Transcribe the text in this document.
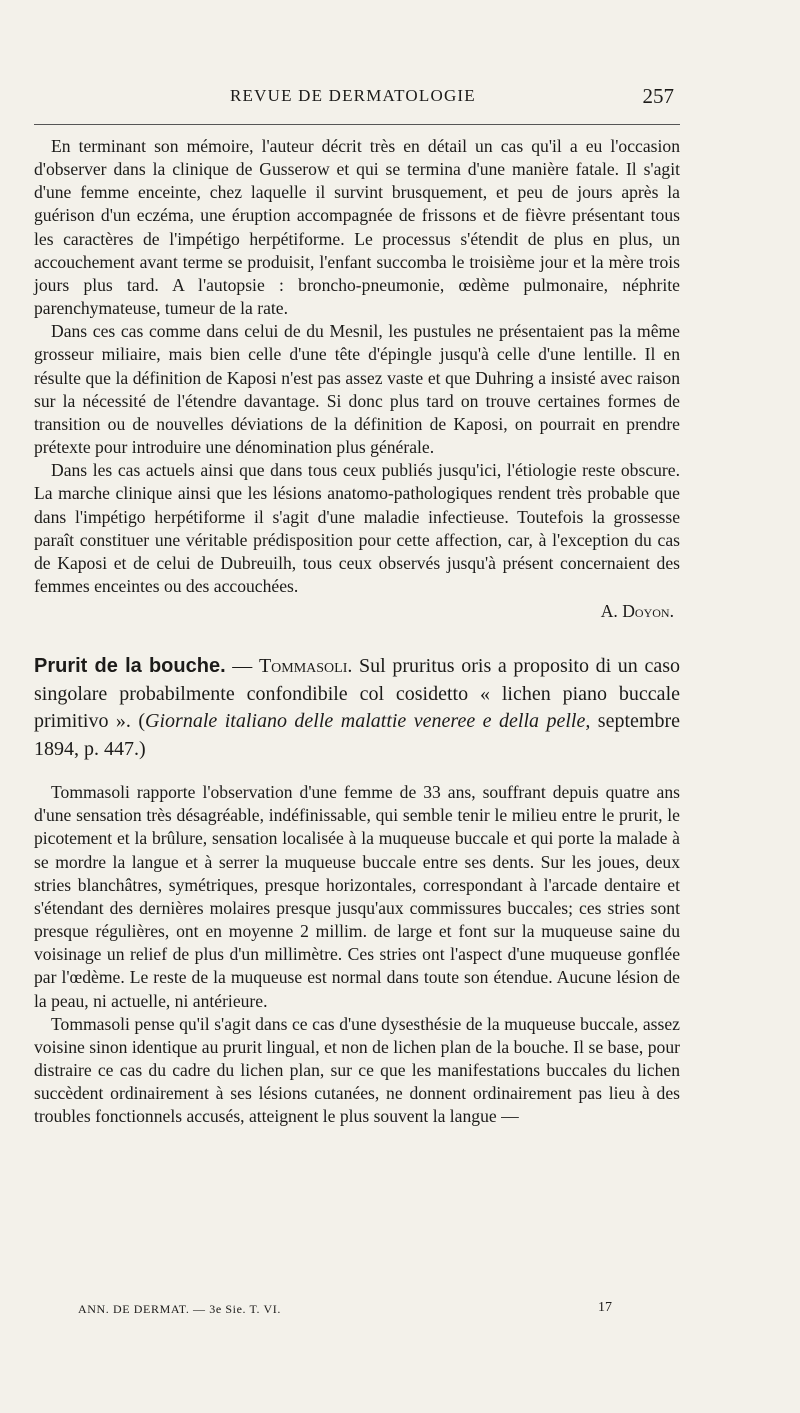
REVUE DE DERMATOLOGIE	257

En terminant son mémoire, l'auteur décrit très en détail un cas qu'il a eu l'occasion d'observer dans la clinique de Gusserow et qui se termina d'une manière fatale. Il s'agit d'une femme enceinte, chez laquelle il survint brusquement, et peu de jours après la guérison d'un eczéma, une éruption accompagnée de frissons et de fièvre présentant tous les caractères de l'impétigo herpétiforme. Le processus s'étendit de plus en plus, un accouchement avant terme se produisit, l'enfant succomba le troisième jour et la mère trois jours plus tard. A l'autopsie : broncho-pneumonie, œdème pulmonaire, néphrite parenchymateuse, tumeur de la rate.

Dans ces cas comme dans celui de du Mesnil, les pustules ne présentaient pas la même grosseur miliaire, mais bien celle d'une tête d'épingle jusqu'à celle d'une lentille. Il en résulte que la définition de Kaposi n'est pas assez vaste et que Duhring a insisté avec raison sur la nécessité de l'étendre davantage. Si donc plus tard on trouve certaines formes de transition ou de nouvelles déviations de la définition de Kaposi, on pourrait en prendre prétexte pour introduire une dénomination plus générale.

Dans les cas actuels ainsi que dans tous ceux publiés jusqu'ici, l'étiologie reste obscure. La marche clinique ainsi que les lésions anatomo-pathologiques rendent très probable que dans l'impétigo herpétiforme il s'agit d'une maladie infectieuse. Toutefois la grossesse paraît constituer une véritable prédisposition pour cette affection, car, à l'exception du cas de Kaposi et de celui de Dubreuilh, tous ceux observés jusqu'à présent concernaient des femmes enceintes ou des accouchées.

A. Doyon.
Prurit de la bouche. — Tommasoli. Sul pruritus oris a proposito di un caso singolare probabilmente confondibile col cosidetto « lichen piano buccale primitivo ». (Giornale italiano delle malattie veneree e della pelle, septembre 1894, p. 447.)

Tommasoli rapporte l'observation d'une femme de 33 ans, souffrant depuis quatre ans d'une sensation très désagréable, indéfinissable, qui semble tenir le milieu entre le prurit, le picotement et la brûlure, sensation localisée à la muqueuse buccale et qui porte la malade à se mordre la langue et à serrer la muqueuse buccale entre ses dents. Sur les joues, deux stries blanchâtres, symétriques, presque horizontales, correspondant à l'arcade dentaire et s'étendant des dernières molaires presque jusqu'aux commissures buccales; ces stries sont presque régulières, ont en moyenne 2 millim. de large et font sur la muqueuse saine du voisinage un relief de plus d'un millimètre. Ces stries ont l'aspect d'une muqueuse gonflée par l'œdème. Le reste de la muqueuse est normal dans toute son étendue. Aucune lésion de la peau, ni actuelle, ni antérieure.

Tommasoli pense qu'il s'agit dans ce cas d'une dysesthésie de la muqueuse buccale, assez voisine sinon identique au prurit lingual, et non de lichen plan de la bouche. Il se base, pour distraire ce cas du cadre du lichen plan, sur ce que les manifestations buccales du lichen succèdent ordinairement à ses lésions cutanées, ne donnent ordinairement pas lieu à des troubles fonctionnels accusés, atteignent le plus souvent la langue —

ANN. DE DERMAT. — 3e Sie. T. VI.	17
